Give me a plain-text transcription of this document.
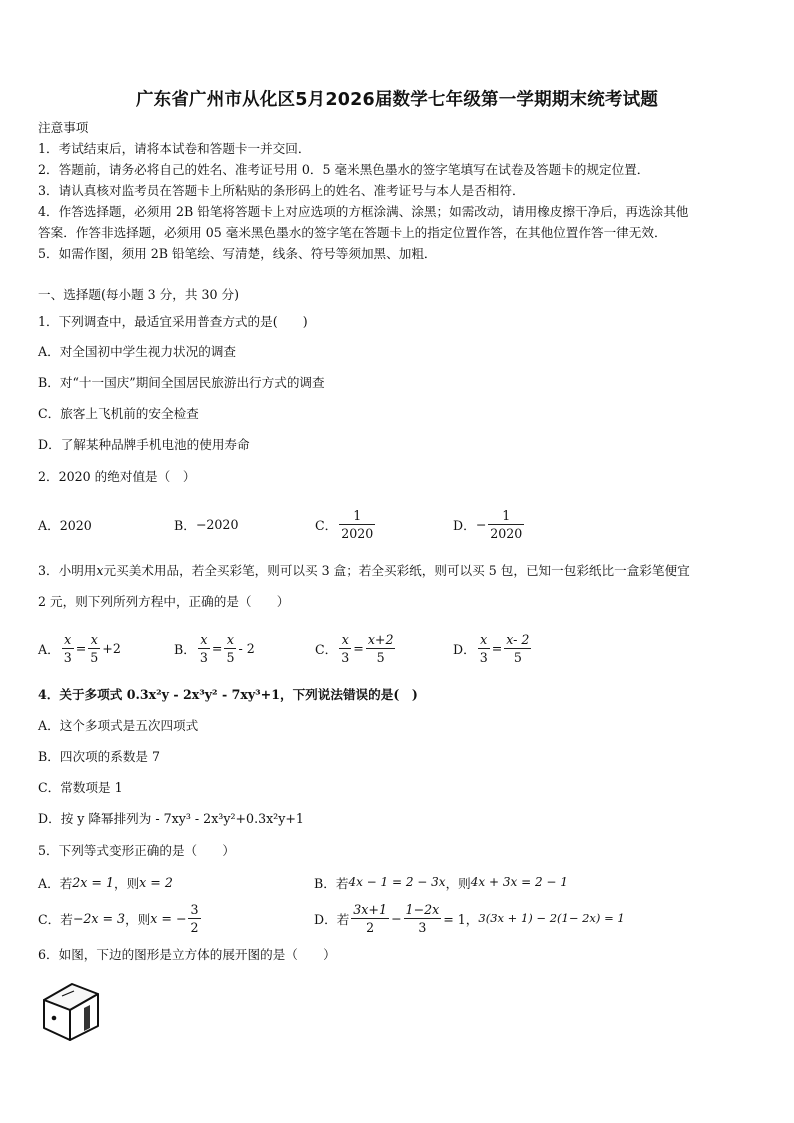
广东省广州市从化区5月2026届数学七年级第一学期期末统考试题
注意事项
1．考试结束后，请将本试卷和答题卡一并交回．
2．答题前，请务必将自己的姓名、准考证号用 0．5 毫米黑色墨水的签字笔填写在试卷及答题卡的规定位置．
3．请认真核对监考员在答题卡上所粘贴的条形码上的姓名、准考证号与本人是否相符．
4．作答选择题，必须用 2B 铅笔将答题卡上对应选项的方框涂满、涂黑；如需改动，请用橡皮擦干净后，再选涂其他
答案．作答非选择题，必须用 05 毫米黑色墨水的签字笔在答题卡上的指定位置作答，在其他位置作答一律无效．
5．如需作图，须用 2B 铅笔绘、写清楚，线条、符号等须加黑、加粗．
一、选择题(每小题 3 分，共 30 分)
1．下列调查中，最适宜采用普查方式的是(　　)
A．对全国初中学生视力状况的调查
B．对“十一国庆”期间全国居民旅游出行方式的调查
C．旅客上飞机前的安全检查
D．了解某种品牌手机电池的使用寿命
2．2020 的绝对值是（　）
A．2020	B． −2020	C． $\frac{1}{2020}$	D． − $\frac{1}{2020}$
3．小明用x元买美术用品，若全买彩笔，则可以买 3 盒；若全买彩纸，则可以买 5 包，已知一包彩纸比一盒彩笔便宜
2 元，则下列所列方程中，正确的是（　　）
A． $\frac{x}{3} = \frac{x}{5} +2$	B． $\frac{x}{3} = \frac{x}{5} - 2$	C． $\frac{x}{3} = \frac{x+2}{5}$	D． $\frac{x}{3} = \frac{x- 2}{5}$
4．关于多项式 0.3x²y - 2x³y² - 7xy³+1，下列说法错误的是(　)
A．这个多项式是五次四项式
B．四次项的系数是 7
C．常数项是 1
D．按 y 降幂排列为 - 7xy³ - 2x³y²+0.3x²y+1
5．下列等式变形正确的是（　　）
A．若 2x = 1 ，则 x = 2	B．若 4x − 1 = 2 − 3x ，则 4x + 3x = 2 − 1
C．若 −2x = 3 ，则 x = − $\frac{3}{2}$	D．若 $\frac{3x+1}{2} - \frac{1-2x}{3} = 1$， 3(3x + 1) − 2(1− 2x) = 1
6．如图，下边的图形是立方体的展开图的是（　　）
